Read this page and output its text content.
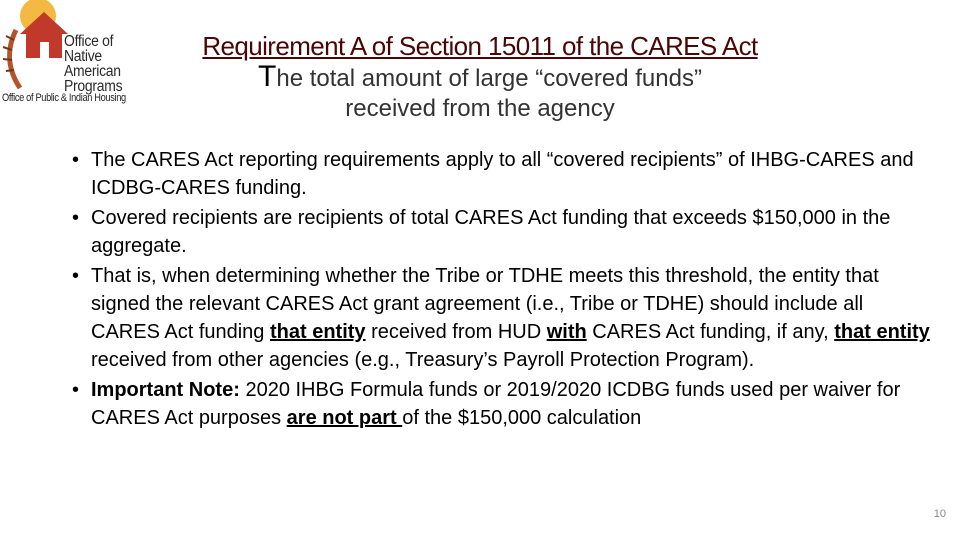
Office of
Native American
Programs
Office of Public & Indian Housing
Requirement A of Section 15011 of the CARES Act
The total amount of large “covered funds”
received from the agency
• The CARES Act reporting requirements apply to all “covered recipients” of IHBG-CARES and ICDBG-CARES funding.
• Covered recipients are recipients of total CARES Act funding that exceeds $150,000 in the aggregate.
• That is, when determining whether the Tribe or TDHE meets this threshold, the entity that signed the relevant CARES Act grant agreement (i.e., Tribe or TDHE) should include all CARES Act funding that entity received from HUD with CARES Act funding, if any, that entity received from other agencies (e.g., Treasury’s Payroll Protection Program).
• Important Note: 2020 IHBG Formula funds or 2019/2020 ICDBG funds used per waiver for CARES Act purposes are not part of the $150,000 calculation
10
